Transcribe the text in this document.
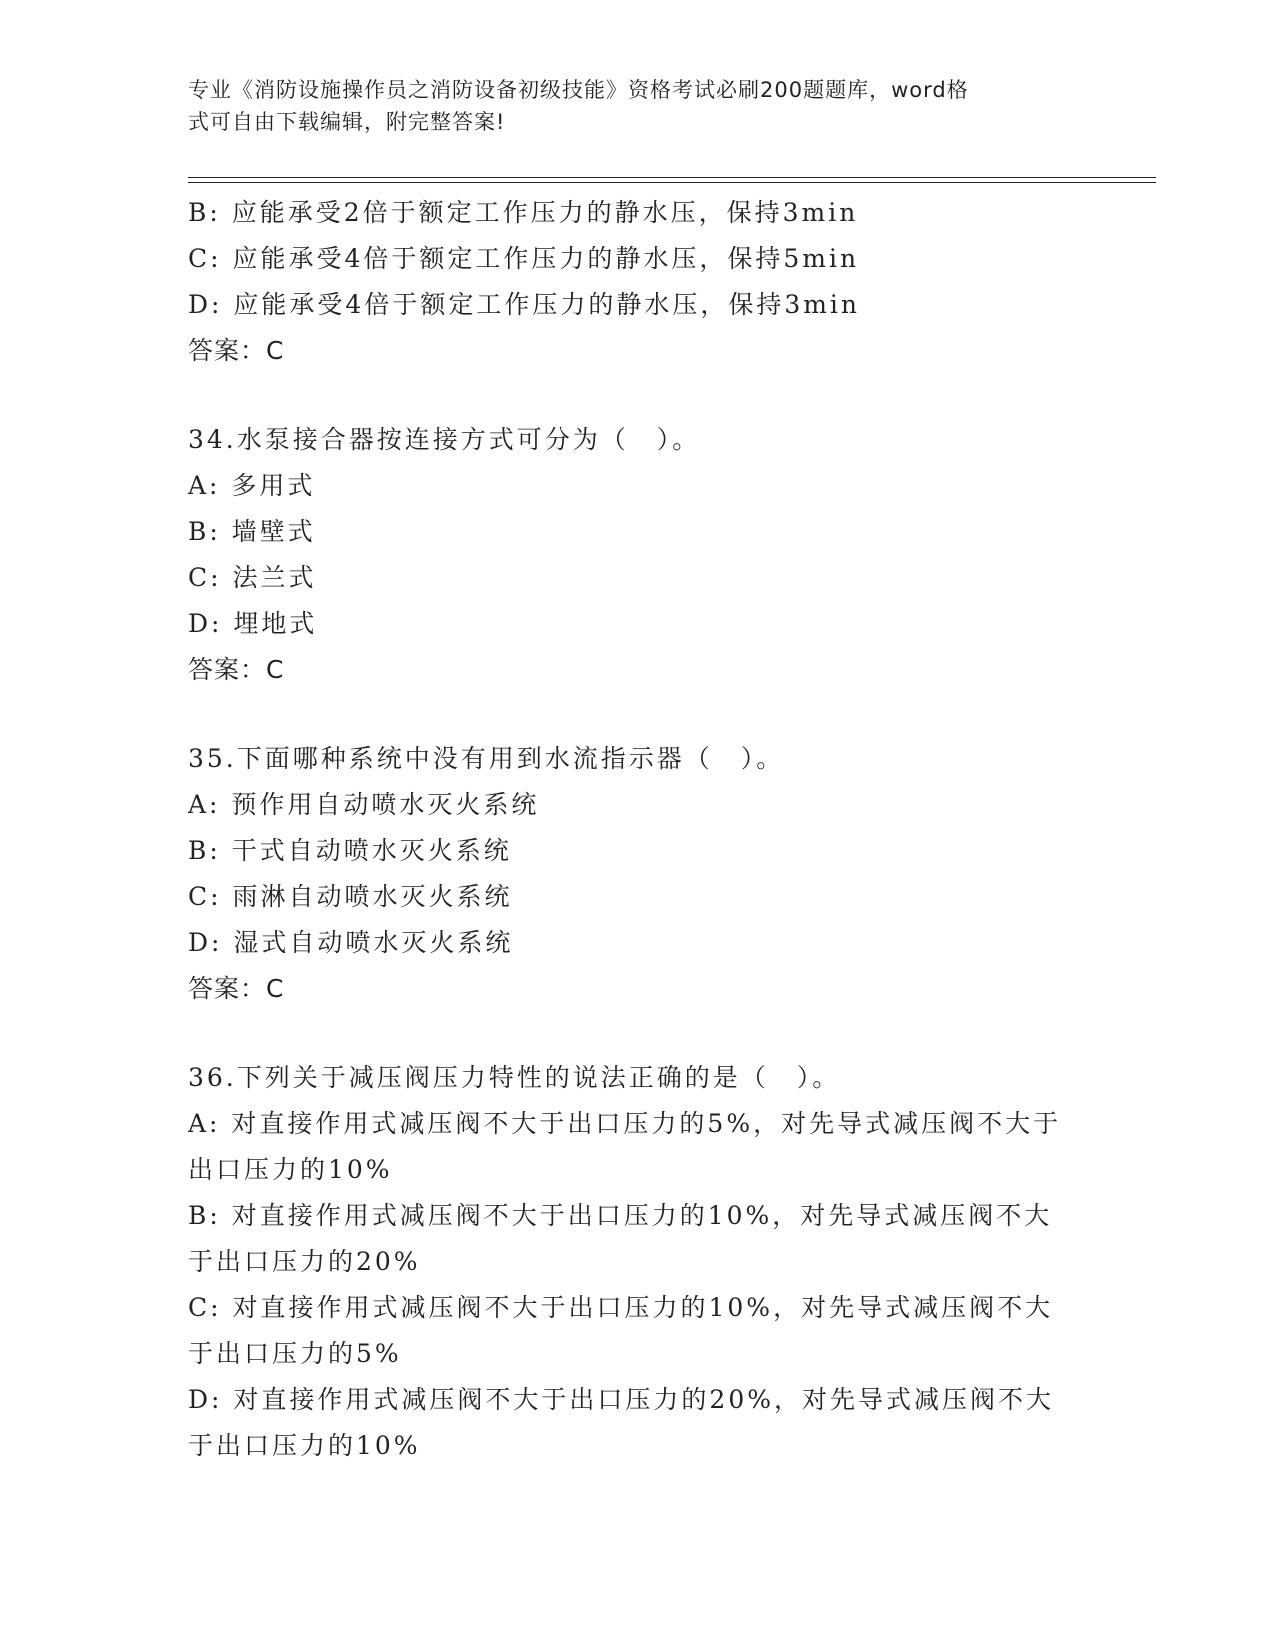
专业《消防设施操作员之消防设备初级技能》资格考试必刷200题题库，word格
式可自由下载编辑，附完整答案!
B: 应能承受2倍于额定工作压力的静水压，保持3min
C: 应能承受4倍于额定工作压力的静水压，保持5min
D: 应能承受4倍于额定工作压力的静水压，保持3min
答案：C
34.水泵接合器按连接方式可分为（　）。
A: 多用式
B: 墙壁式
C: 法兰式
D: 埋地式
答案：C
35.下面哪种系统中没有用到水流指示器（　）。
A: 预作用自动喷水灭火系统
B: 干式自动喷水灭火系统
C: 雨淋自动喷水灭火系统
D: 湿式自动喷水灭火系统
答案：C
36.下列关于减压阀压力特性的说法正确的是（　）。
A: 对直接作用式减压阀不大于出口压力的5%，对先导式减压阀不大于
出口压力的10%
B: 对直接作用式减压阀不大于出口压力的10%，对先导式减压阀不大
于出口压力的20%
C: 对直接作用式减压阀不大于出口压力的10%，对先导式减压阀不大
于出口压力的5%
D: 对直接作用式减压阀不大于出口压力的20%，对先导式减压阀不大
于出口压力的10%
